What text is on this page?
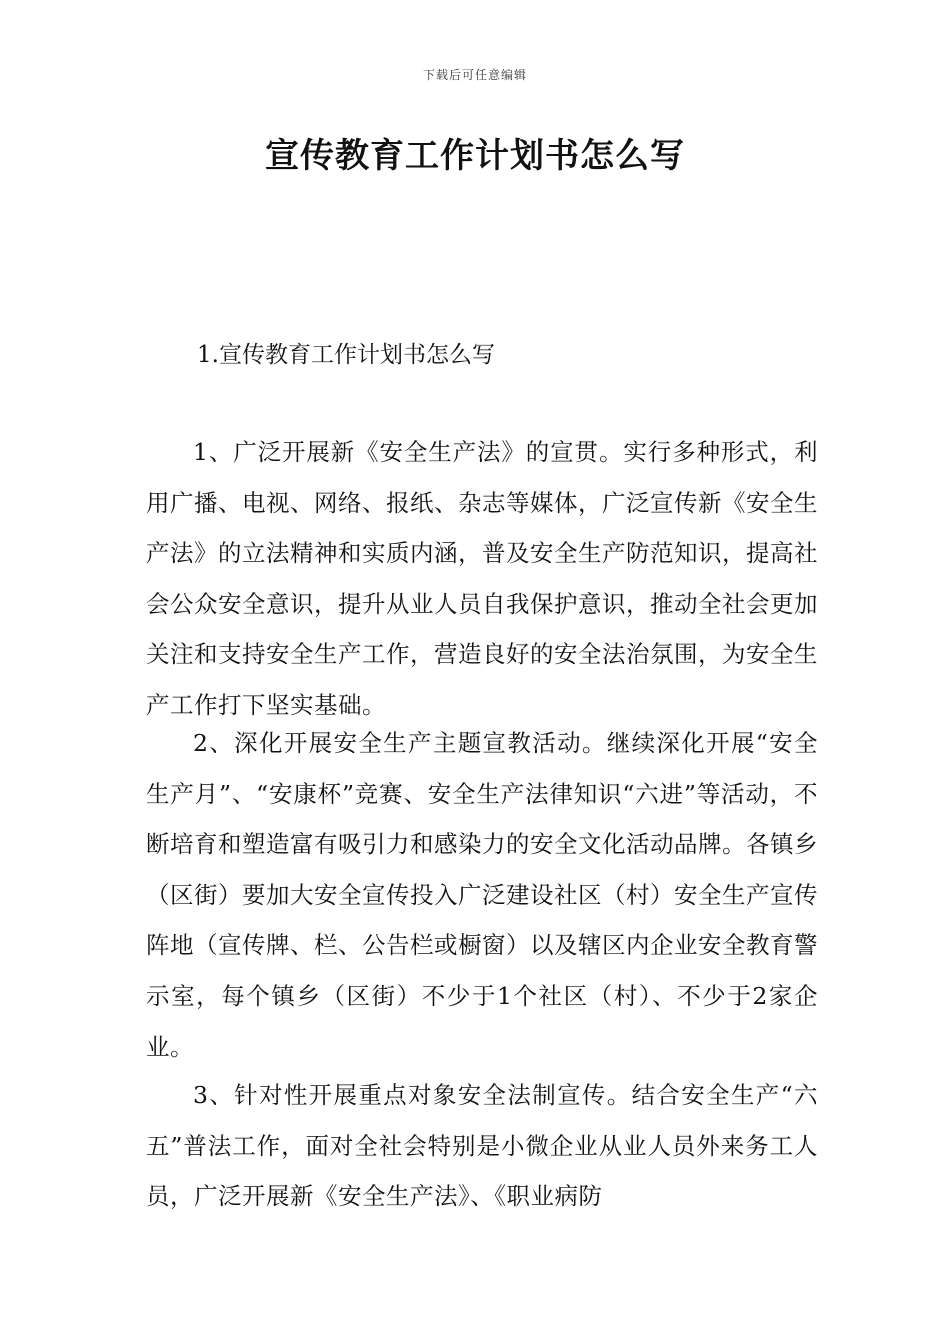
下载后可任意编辑
宣传教育工作计划书怎么写
1.宣传教育工作计划书怎么写

1、广泛开展新《安全生产法》的宣贯。实行多种形式，利用广播、电视、网络、报纸、杂志等媒体，广泛宣传新《安全生产法》的立法精神和实质内涵，普及安全生产防范知识，提高社会公众安全意识，提升从业人员自我保护意识，推动全社会更加关注和支持安全生产工作，营造良好的安全法治氛围，为安全生产工作打下坚实基础。

2、深化开展安全生产主题宣教活动。继续深化开展“安全生产月”、“安康杯”竞赛、安全生产法律知识“六进”等活动，不断培育和塑造富有吸引力和感染力的安全文化活动品牌。各镇乡（区街）要加大安全宣传投入广泛建设社区（村）安全生产宣传阵地（宣传牌、栏、公告栏或橱窗）以及辖区内企业安全教育警示室，每个镇乡（区街）不少于1个社区（村）、不少于2家企业。

3、针对性开展重点对象安全法制宣传。结合安全生产“六五”普法工作，面对全社会特别是小微企业从业人员外来务工人员，广泛开展新《安全生产法》、《职业病防
